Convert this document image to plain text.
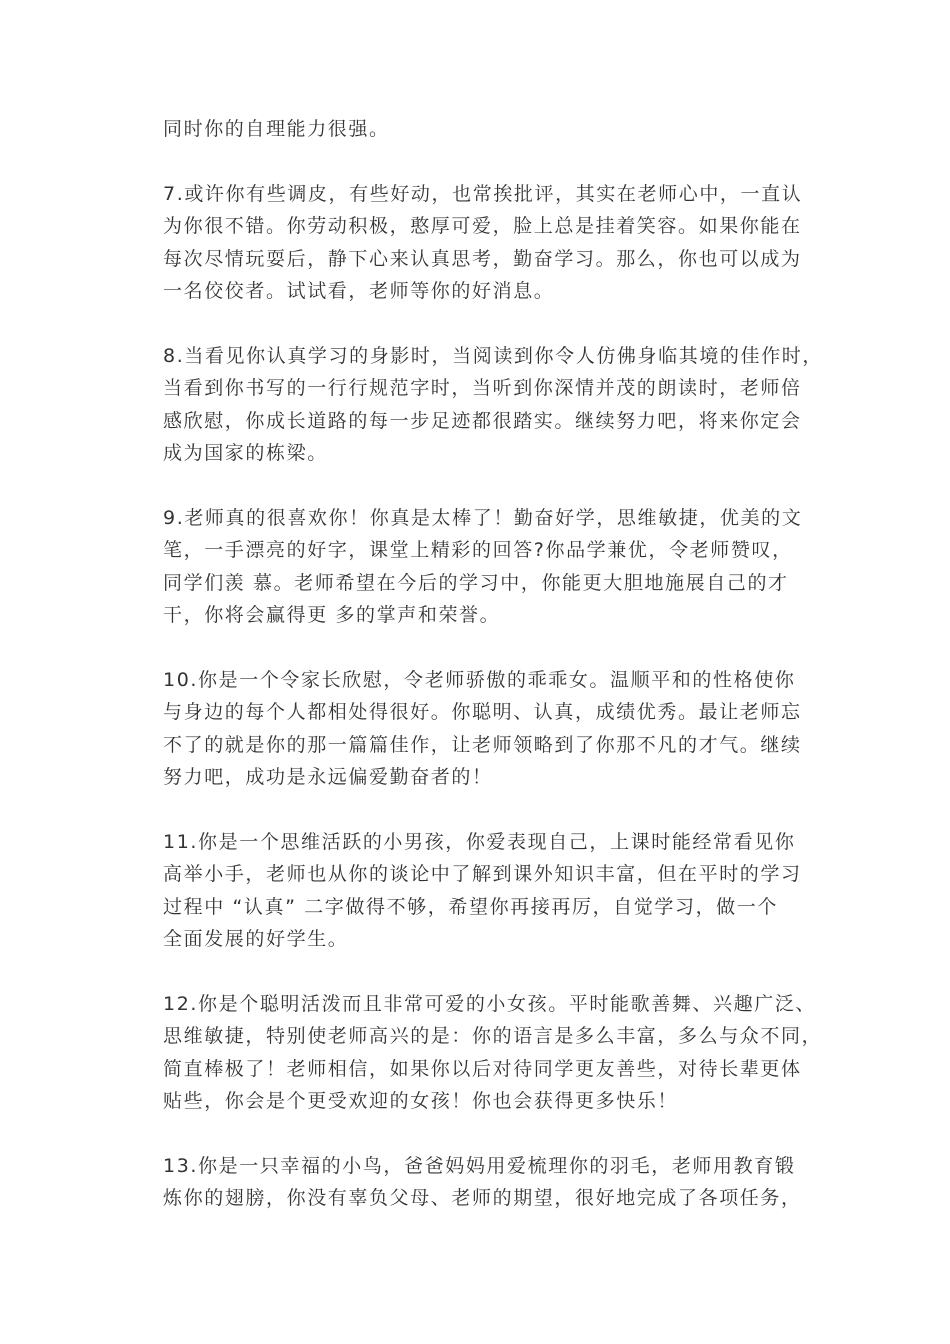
同时你的自理能力很强。
7.或许你有些调皮，有些好动，也常挨批评，其实在老师心中，一直认
为你很不错。你劳动积极，憨厚可爱，脸上总是挂着笑容。如果你能在
每次尽情玩耍后，静下心来认真思考，勤奋学习。那么，你也可以成为
一名佼佼者。试试看，老师等你的好消息。
8.当看见你认真学习的身影时，当阅读到你令人仿佛身临其境的佳作时，
当看到你书写的一行行规范字时，当听到你深情并茂的朗读时，老师倍
感欣慰，你成长道路的每一步足迹都很踏实。继续努力吧，将来你定会
成为国家的栋梁。
9.老师真的很喜欢你！你真是太棒了！勤奋好学，思维敏捷，优美的文
笔，一手漂亮的好字，课堂上精彩的回答?你品学兼优，令老师赞叹，
同学们羡 慕。老师希望在今后的学习中，你能更大胆地施展自己的才
干，你将会赢得更 多的掌声和荣誉。
10.你是一个令家长欣慰，令老师骄傲的乖乖女。温顺平和的性格使你
与身边的每个人都相处得很好。你聪明、认真，成绩优秀。最让老师忘
不了的就是你的那一篇篇佳作，让老师领略到了你那不凡的才气。继续
努力吧，成功是永远偏爱勤奋者的！
11.你是一个思维活跃的小男孩，你爱表现自己，上课时能经常看见你
高举小手，老师也从你的谈论中了解到课外知识丰富，但在平时的学习
过程中 “认真” 二字做得不够，希望你再接再厉，自觉学习，做一个
全面发展的好学生。
12.你是个聪明活泼而且非常可爱的小女孩。平时能歌善舞、兴趣广泛、
思维敏捷，特别使老师高兴的是：你的语言是多么丰富，多么与众不同，
简直棒极了！老师相信，如果你以后对待同学更友善些，对待长辈更体
贴些，你会是个更受欢迎的女孩！你也会获得更多快乐！
13.你是一只幸福的小鸟，爸爸妈妈用爱梳理你的羽毛，老师用教育锻
炼你的翅膀，你没有辜负父母、老师的期望，很好地完成了各项任务，
